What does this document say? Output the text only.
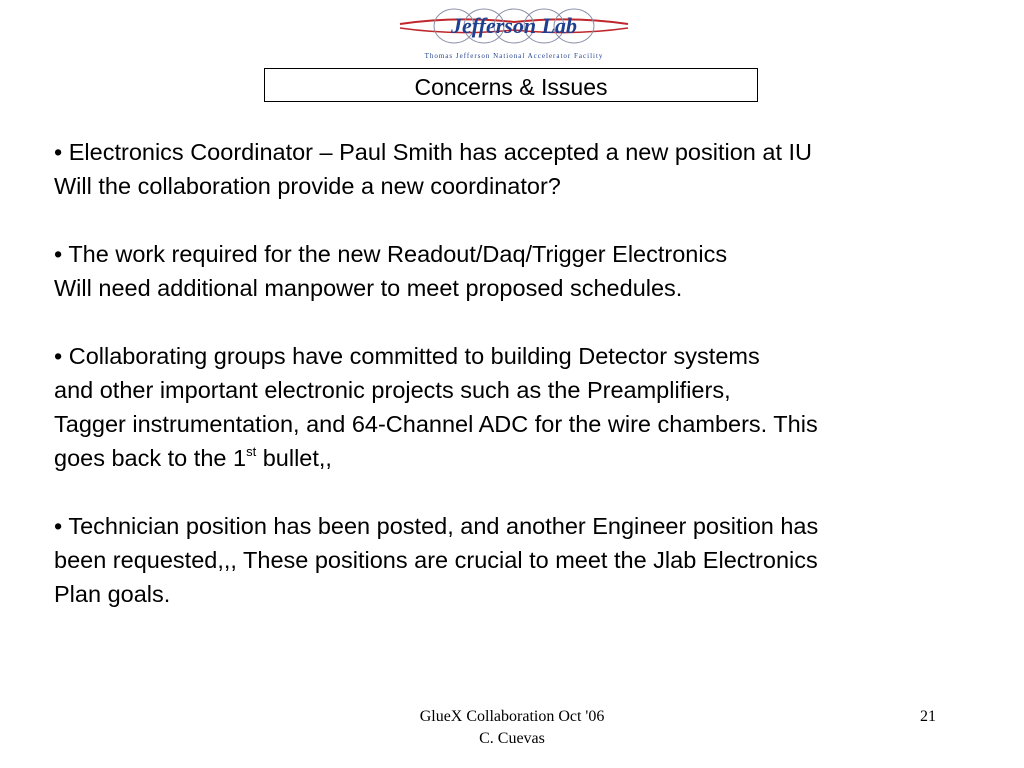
Jefferson Lab
Thomas Jefferson National Accelerator Facility
Concerns & Issues
• Electronics Coordinator – Paul Smith has accepted a new position at IU
Will the collaboration provide a new coordinator?
• The work required for the new Readout/Daq/Trigger Electronics
Will need additional manpower to meet proposed schedules.
• Collaborating groups have committed to building Detector systems
and other important electronic projects such as the Preamplifiers,
Tagger instrumentation, and 64-Channel ADC for the wire chambers. This
goes back to the 1st bullet,,
• Technician position has been posted, and another Engineer position has
been requested,,, These positions are crucial to meet the Jlab Electronics
Plan goals.
GlueX Collaboration Oct '06
C. Cuevas
21
